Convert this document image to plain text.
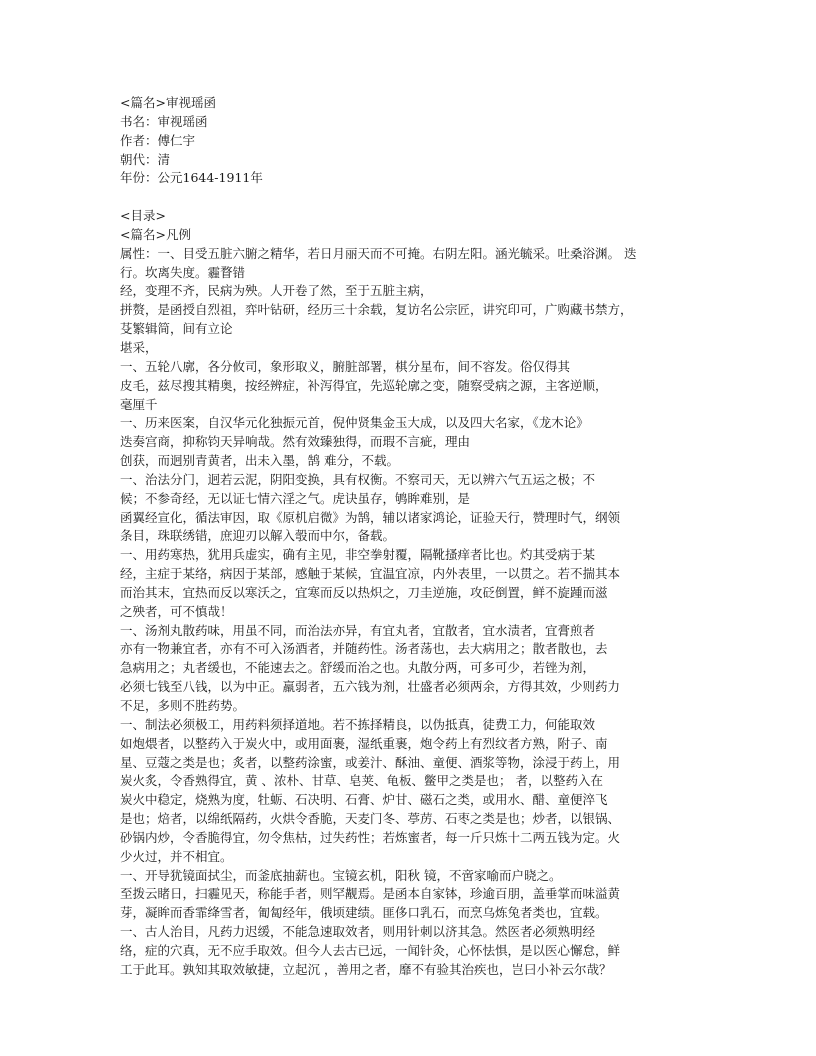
<篇名>审视瑶函
书名：审视瑶函
作者：傅仁宇
朝代：清
年份：公元1644-1911年
<目录>
<篇名>凡例
属性：一、目受五脏六腑之精华，若日月丽天而不可掩。右阴左阳。涵光毓采。吐桑浴渊。 迭
行。坎离失度。霾瞀错
经，变理不齐，民病为殃。人开卷了然，至于五脏主病，
拼赘，是函授自烈祖，弈叶钻研，经历三十余载，复访名公宗匠，讲究印可，广购藏书禁方，
芟繁辑简，间有立论
堪采，
一、五轮八廓，各分攸司，象形取义，腑脏部署，棋分星布，间不容发。俗仅得其
皮毛，兹尽搜其精奥，按经辨症，补泻得宜，先巡轮廓之变，随察受病之源，主客逆顺，
毫厘千
一、历来医案，自汉华元化独振元首，倪仲贤集金玉大成，以及四大名家，《龙木论》
迭奏宫商，抑称钧天异响哉。然有效臻独得，而瑕不言疵，理由
创获，而迥别青黄者，出未入墨，鹄 难分，不载。
一、治法分门，迥若云泥，阴阳变换，具有权衡。不察司天，无以辨六气五运之极；不
候；不参奇经，无以证七情六淫之气。虎诀虽存，鸲眸难别，是
函翼经宣化，循法审因，取《原机启微》为鹄，辅以诸家鸿论，证验天行，赞理时气，纲领
条目，珠联绣错，庶迎刃以解入彀而中尔，备载。
一、用药寒热，犹用兵虚实，确有主见，非空拳射覆，隔靴搔痒者比也。灼其受病于某
经，主症于某络，病因于某部，感触于某候，宜温宜凉，内外表里，一以贯之。若不揣其本
而治其末，宜热而反以寒沃之，宜寒而反以热炽之，刀圭逆施，攻砭倒置，鲜不旋踵而滋
之殃者，可不慎哉！
一、汤剂丸散药味，用虽不同，而治法亦异，有宜丸者，宜散者，宜水渍者，宜膏煎者
亦有一物兼宜者，亦有不可入汤酒者，并随药性。汤者荡也，去大病用之；散者散也，去
急病用之；丸者缓也，不能速去之。舒缓而治之也。丸散分两，可多可少，若锉为剂，
必须七钱至八钱，以为中正。羸弱者，五六钱为剂，壮盛者必须两余，方得其效，少则药力
不足，多则不胜药势。
一、制法必须极工，用药料须择道地。若不拣择精良，以伪抵真，徒费工力，何能取效
如炮煨者，以整药入于炭火中，或用面裹，湿纸重裹，炮令药上有烈纹者方熟，附子、南
星、豆蔻之类是也；炙者，以整药涂蜜，或姜汁、酥油、童便、酒浆等物，涂浸于药上，用
炭火炙，令香熟得宜，黄 、浓朴、甘草、皂荚、龟板、鳖甲之类是也； 者，以整药入在
炭火中稳定，烧熟为度，牡蛎、石决明、石膏、炉甘、磁石之类，或用水、醋、童便淬飞
是也；焙者，以绵纸隔药，火烘令香脆，天麦门冬、葶苈、石枣之类是也；炒者，以银锅、
砂锅内炒，令香脆得宜，勿令焦枯，过失药性；若炼蜜者，每一斤只炼十二两五钱为定。火
少火过，并不相宜。
一、开导犹镜面拭尘，而釜底抽薪也。宝镜玄机，阳秋 镜，不啻家喻而户晓之。
至拨云睹日，扫霾见天，称能手者，则罕觏焉。是函本自家钵，珍逾百朋，盖垂掌而味溢黄
芽，凝眸而香霏绛雪者，匍匐经年，俄顷建绩。匪侈口乳石，而烹乌炼兔者类也，宜载。
一、古人治目，凡药力迟缓，不能急速取效者，则用针刺以济其急。然医者必须熟明经
络，症的穴真，无不应手取效。但今人去古已远，一闻针灸，心怀怯惧，是以医心懈怠，鲜
工于此耳。孰知其取效敏捷，立起沉 ，善用之者，靡不有验其治疾也，岂曰小补云尔哉？
